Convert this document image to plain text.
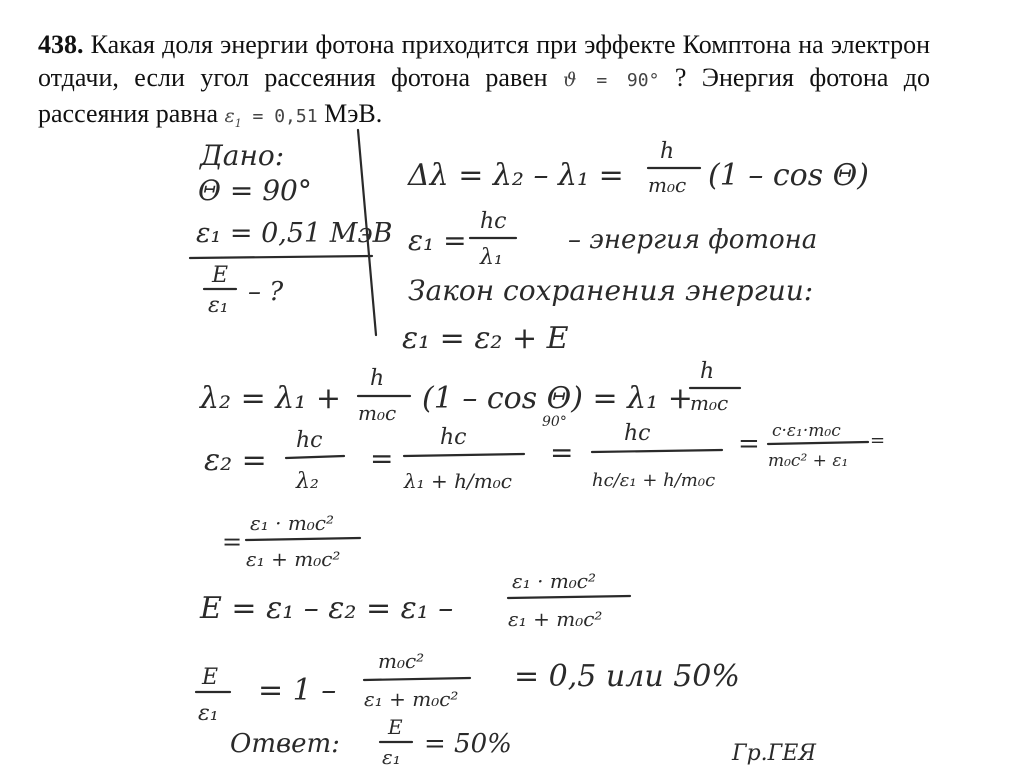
438. Какая доля энергии фотона приходится при эффекте Комптона на электрон отдачи, если угол рассеяния фотона равен ϑ = 90° ? Энергия фотона до рассеяния равна $\varepsilon_1 = 0,51$ МэВ.

Дано:
Θ = 90°
ε₁ = 0,51 МэВ
E
ε₁ – ?
Δλ = λ₂ – λ₁ =
h
m₀c (1 – cos Θ)
ε₁ =
hc
λ₁
– энергия фотона
Закон сохранения энергии:
ε₁ = ε₂ + E
λ₂ = λ₁ +
h
m₀c (1 – cos Θ) = λ₁ +
90°
h
m₀c
ε₂ =
hc
λ₂
=
hc
λ₁ + h/m₀c
=
hc
hc/ε₁ + h/m₀c
= c·ε₁·m₀c
m₀c² + ε₁
=
=
ε₁ · m₀c²
ε₁ + m₀c²
E = ε₁ – ε₂ = ε₁ –
ε₁ · m₀c²
ε₁ + m₀c²
E
ε₁
= 1 –
m₀c²
ε₁ + m₀c²
= 0,5 или 50%
Ответ:
E
ε₁ = 50%	Гр.ГЕЯ
